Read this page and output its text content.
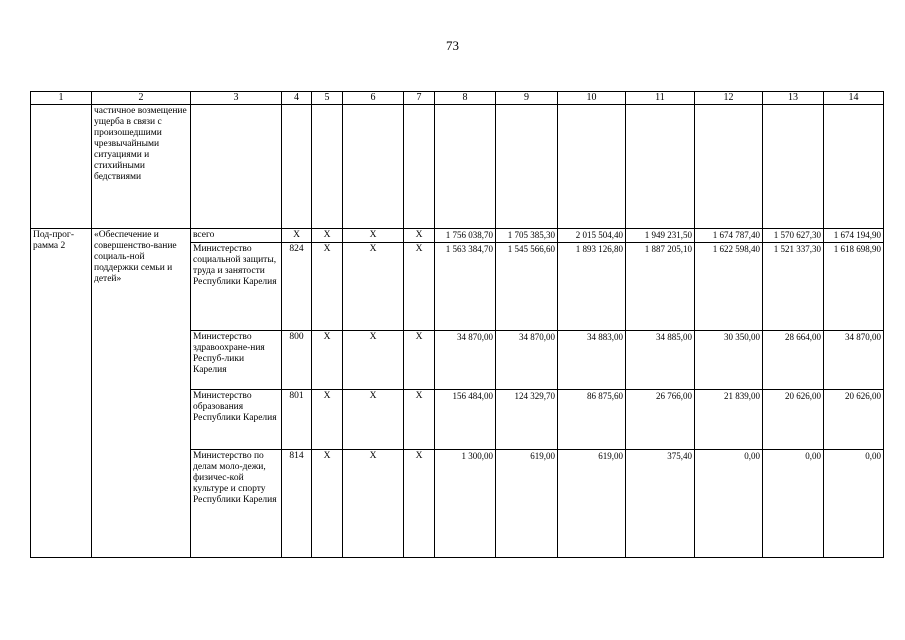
73
1	2	3	4	5	6	7	8	9	10	11	12	13	14
	частичное возмещение ущерба в связи с произошедшими чрезвычайными ситуациями и стихийными бедствиями												
Под-прог-рамма 2	«Обеспечение и совершенство-вание социаль-ной поддержки семьи и детей»	всего	X	X	X	X	1 756 038,70	1 705 385,30	2 015 504,40	1 949 231,50	1 674 787,40	1 570 627,30	1 674 194,90
		Министерство социальной защиты, труда и занятости Республики Карелия	824	X	X	X	1 563 384,70	1 545 566,60	1 893 126,80	1 887 205,10	1 622 598,40	1 521 337,30	1 618 698,90
		Министерство здравоохране-ния Респуб-лики Карелия	800	X	X	X	34 870,00	34 870,00	34 883,00	34 885,00	30 350,00	28 664,00	34 870,00
		Министерство образования Республики Карелия	801	X	X	X	156 484,00	124 329,70	86 875,60	26 766,00	21 839,00	20 626,00	20 626,00
		Министерство по делам моло-дежи, физичес-кой культуре и спорту Республики Карелия	814	X	X	X	1 300,00	619,00	619,00	375,40	0,00	0,00	0,00
